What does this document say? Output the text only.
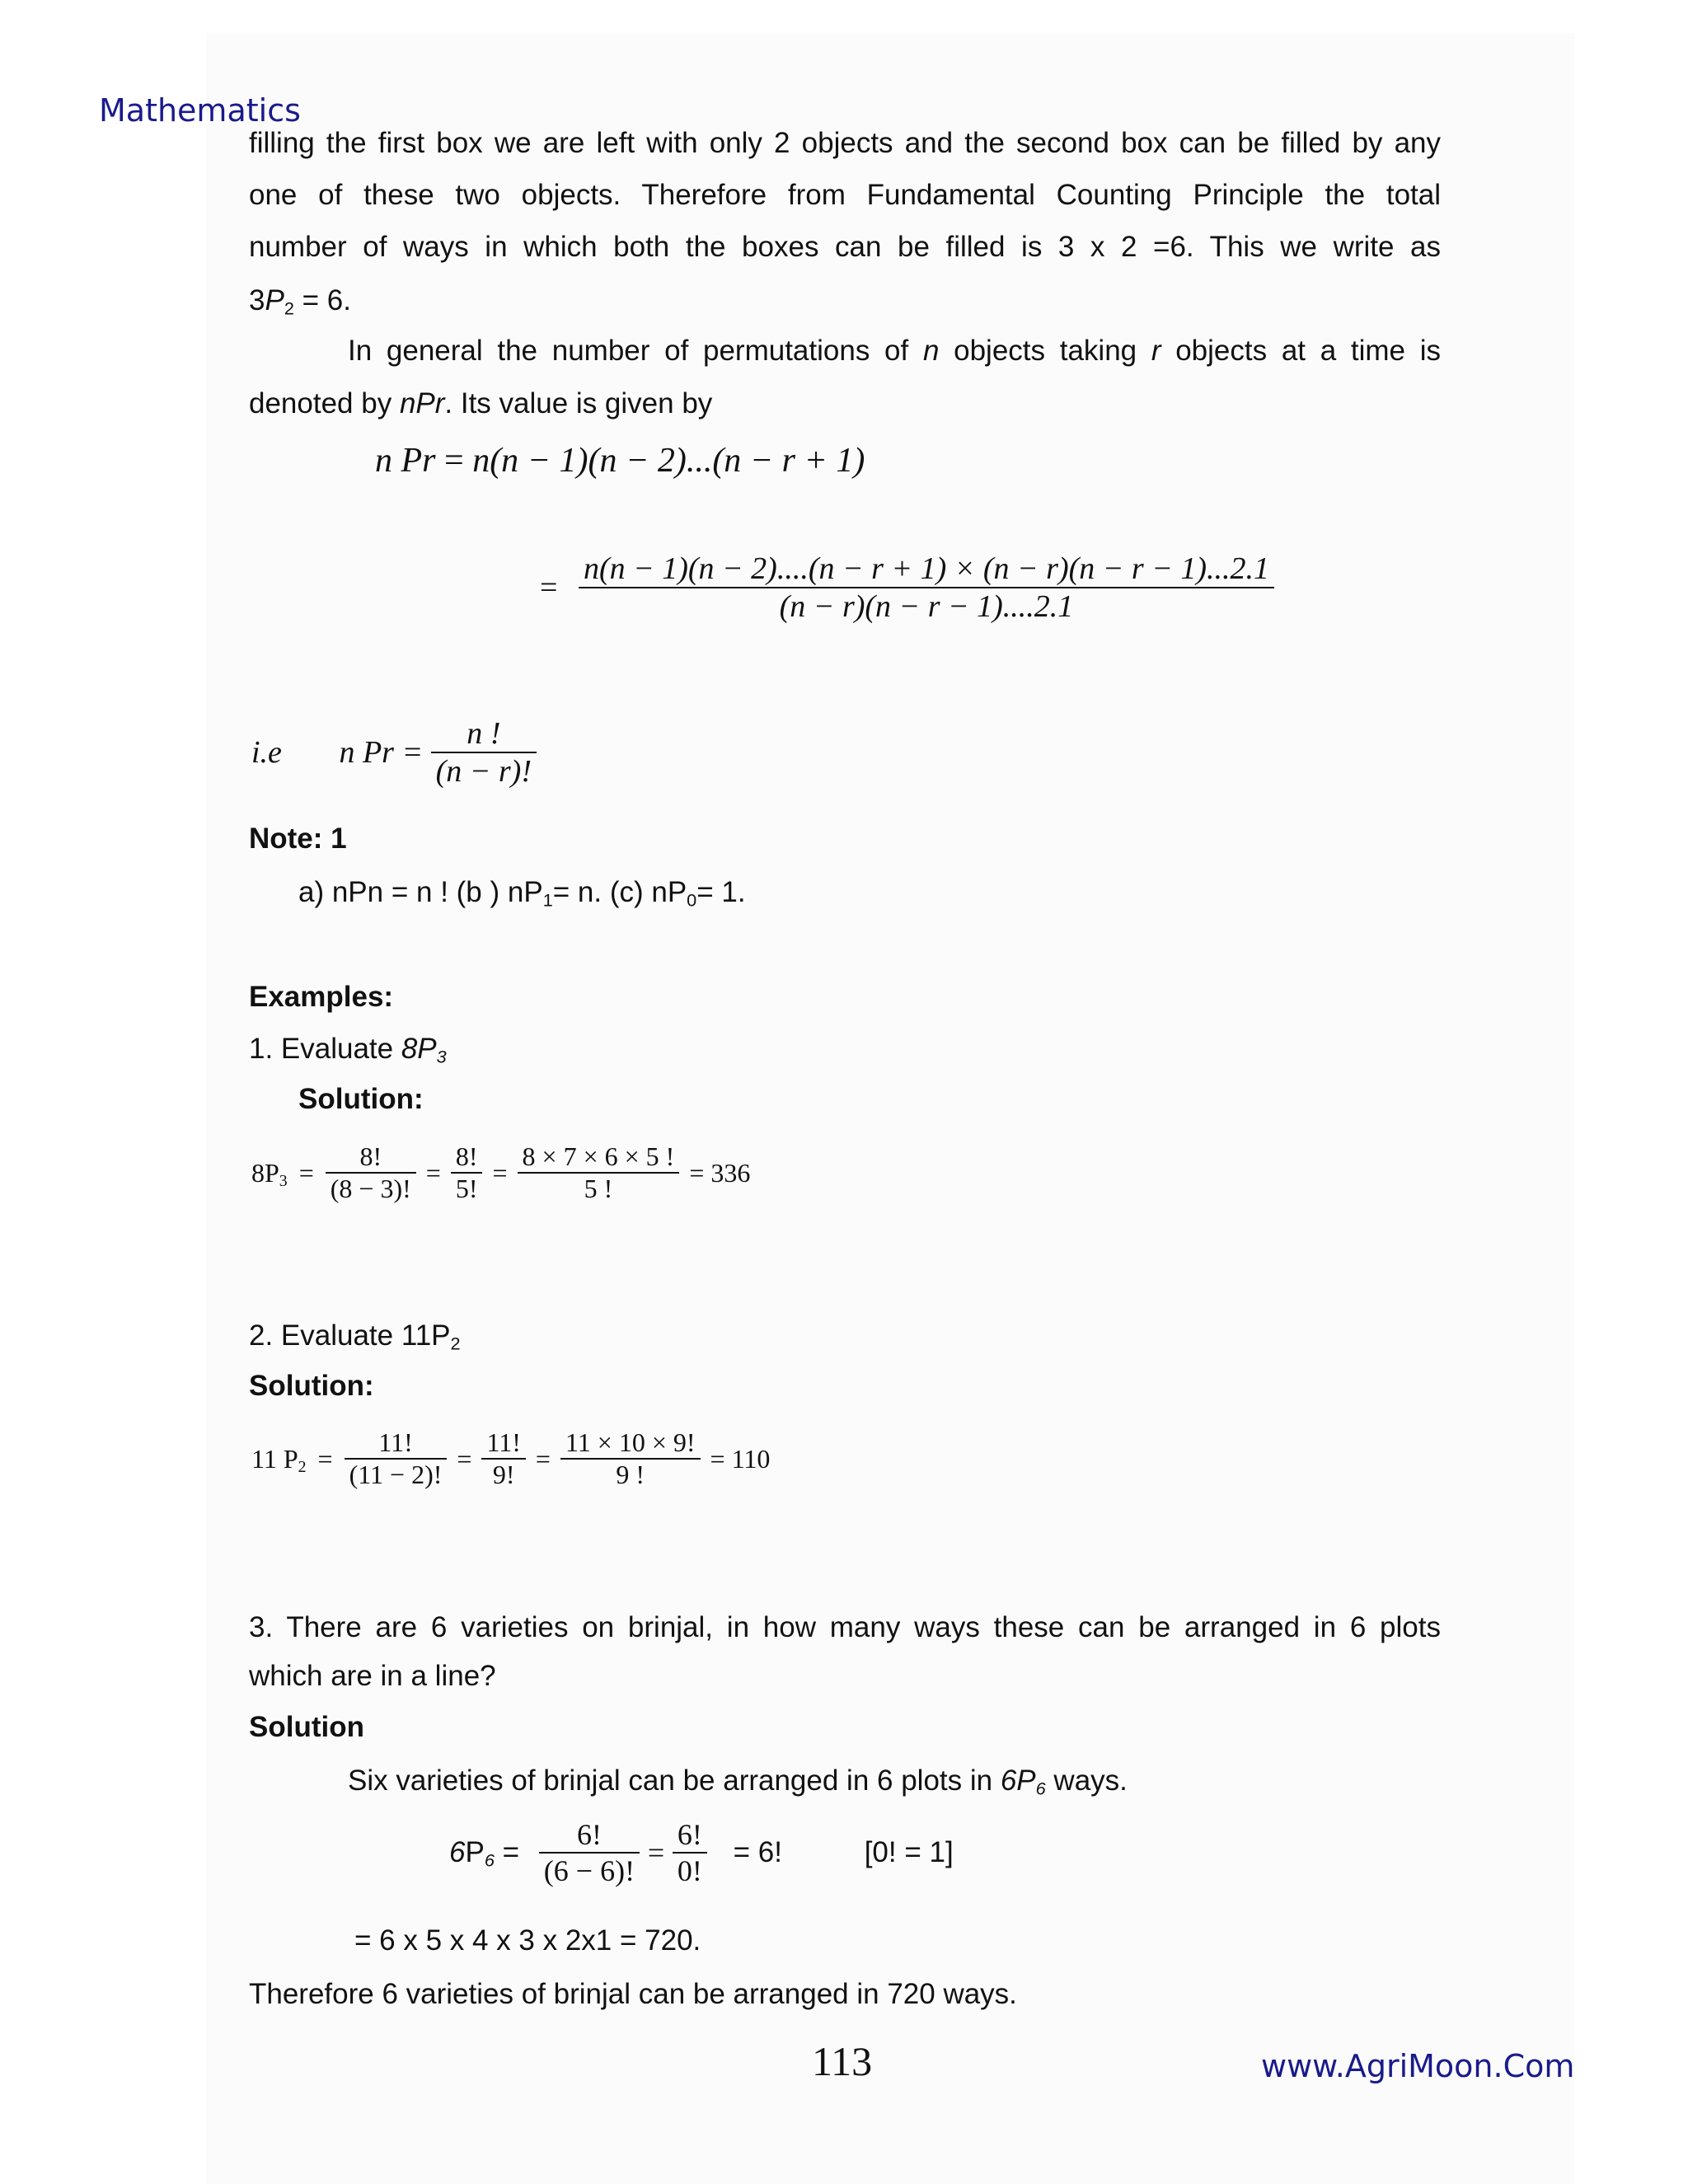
Mathematics
filling the first box we are left with only 2 objects and the second box can be filled by any
one of these two objects. Therefore from Fundamental Counting Principle the total
number of ways in which both the boxes can be filled is 3 x 2 =6. This we write as
$3P_2 = 6$.
In general the number of permutations of n objects taking r objects at a time is
denoted by nPr. Its value is given by
n Pr = n(n − 1)(n − 2)...(n − r + 1)
= $\frac{n(n - 1)(n - 2)....(n - r + 1) \times (n - r)(n - r - 1)...2.1}{(n - r)(n - r - 1)....2.1}$
i.e n $Pr = \frac{n !}{(n - r)!}$
Note: 1
a) nPn = n ! (b ) $nP_1= n$. (c) $nP_0= 1$.
Examples:
1. Evaluate $8P_3$
Solution:
$8P_3 = \frac{8!}{(8 - 3)!} = \frac{8!}{5!} = \frac{8 \times 7 \times 6 \times 5 !}{5 !} = 336$
2. Evaluate $11P_2$
Solution:
11 $P_2 = \frac{11!}{(11 - 2)!} = \frac{11!}{9!} = \frac{11 \times 10 \times 9!}{9 !} = 110$
3. There are 6 varieties on brinjal, in how many ways these can be arranged in 6 plots
which are in a line?
Solution
Six varieties of brinjal can be arranged in 6 plots in $6P_6$ ways.
$6P_6 = \frac{6!}{(6 - 6)!} = \frac{6!}{0!} = 6$!	[0! = 1]
= 6 x 5 x 4 x 3 x 2x1 = 720.
Therefore 6 varieties of brinjal can be arranged in 720 ways.
113	www.AgriMoon.Com
